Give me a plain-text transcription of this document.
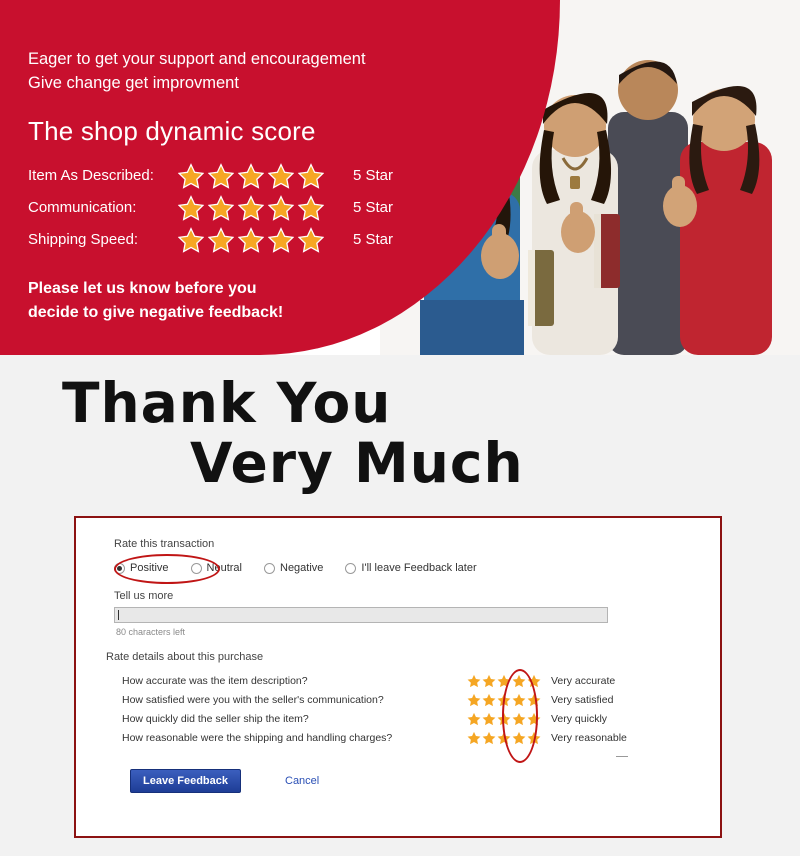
Eager to get your support and encouragement
Give change get improvment
The shop dynamic score
Item As Described:	5 Star
Communication:	5 Star
Shipping Speed:	5 Star
Please let us know before you
decide to give negative feedback!
Thank You
Very Much
Rate this transaction
Positive	Neutral	Negative	I'll leave Feedback later
Tell us more
80 characters left
Rate details about this purchase
How accurate was the item description?	Very accurate
How satisfied were you with the seller's communication?	Very satisfied
How quickly did the seller ship the item?	Very quickly
How reasonable were the shipping and handling charges?	Very reasonable
Leave Feedback	Cancel
